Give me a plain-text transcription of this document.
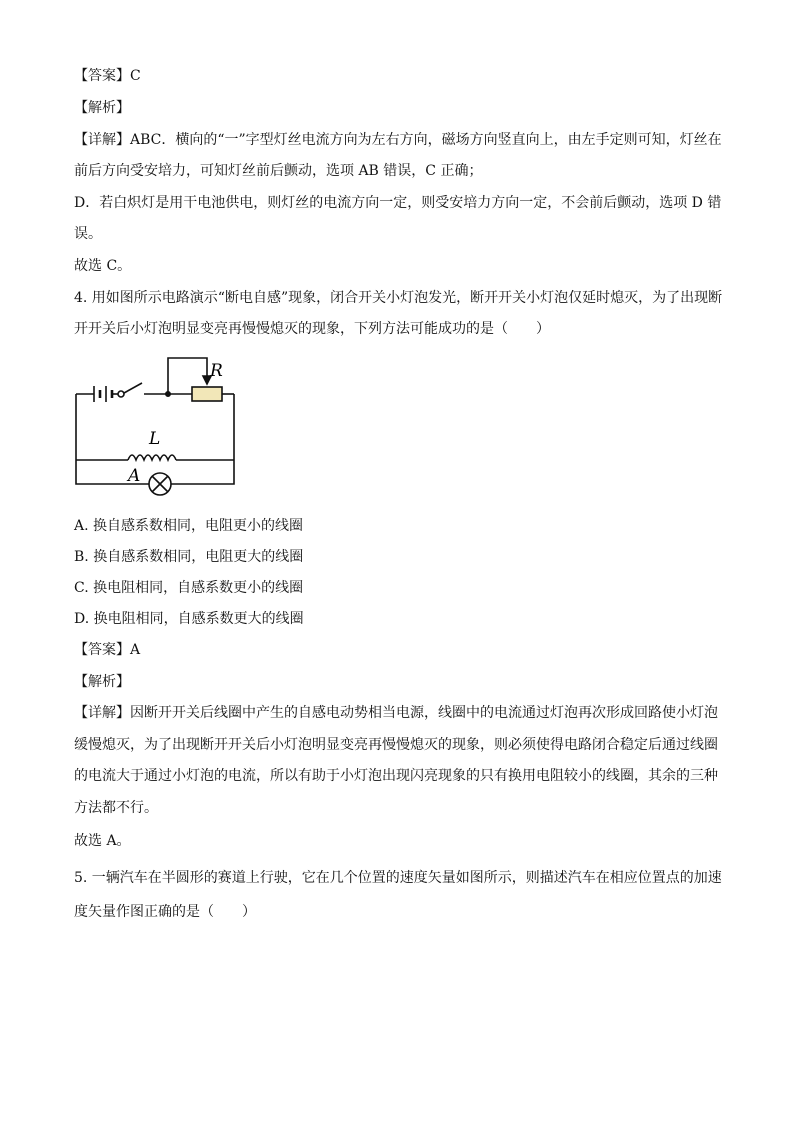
【答案】C
【解析】
【详解】ABC．横向的“一”字型灯丝电流方向为左右方向，磁场方向竖直向上，由左手定则可知，灯丝在
前后方向受安培力，可知灯丝前后颤动，选项 AB 错误，C 正确；
D．若白炽灯是用干电池供电，则灯丝的电流方向一定，则受安培力方向一定，不会前后颤动，选项 D 错
误。
故选 C。
4. 用如图所示电路演示“断电自感”现象，闭合开关小灯泡发光，断开开关小灯泡仅延时熄灭，为了出现断
开开关后小灯泡明显变亮再慢慢熄灭的现象，下列方法可能成功的是（　　）
R
L
A
A. 换自感系数相同，电阻更小的线圈
B. 换自感系数相同，电阻更大的线圈
C. 换电阻相同，自感系数更小的线圈
D. 换电阻相同，自感系数更大的线圈
【答案】A
【解析】
【详解】因断开开关后线圈中产生的自感电动势相当电源，线圈中的电流通过灯泡再次形成回路使小灯泡
缓慢熄灭，为了出现断开开关后小灯泡明显变亮再慢慢熄灭的现象，则必须使得电路闭合稳定后通过线圈
的电流大于通过小灯泡的电流，所以有助于小灯泡出现闪亮现象的只有换用电阻较小的线圈，其余的三种
方法都不行。
故选 A。
5. 一辆汽车在半圆形的赛道上行驶，它在几个位置的速度矢量如图所示，则描述汽车在相应位置点的加速
度矢量作图正确的是（　　）
